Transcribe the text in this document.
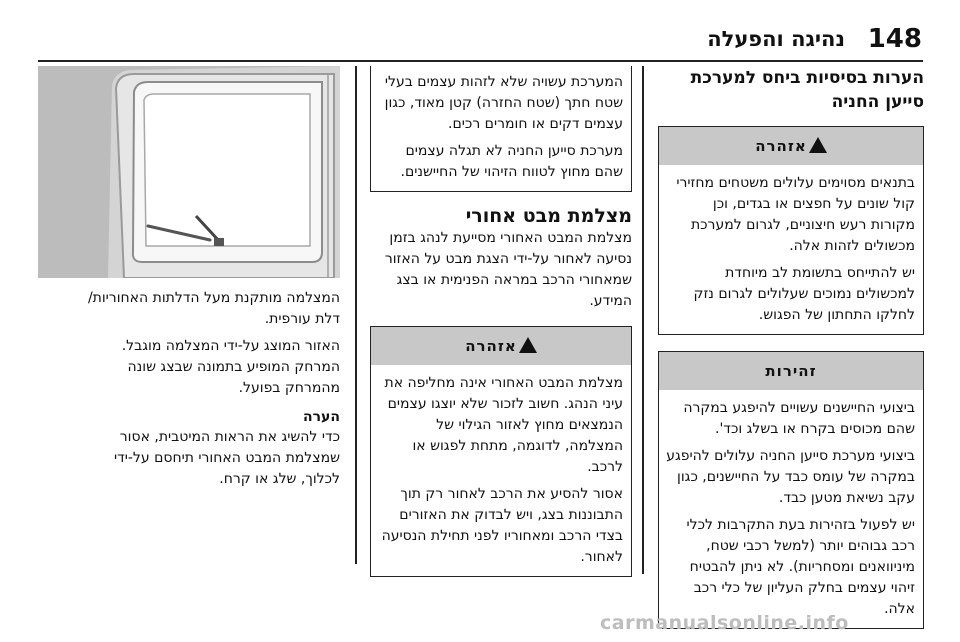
148
נהיגה והפעלה
הערות בסיסיות ביחס למערכת סייען החניה
!אזהרה

בתנאים מסוימים עלולים משטחים מחזירי קול שונים על חפצים או בגדים, וכן מקורות רעש חיצוניים, לגרום למערכת מכשולים לזהות אלה.

יש להתייחס בתשומת לב מיוחדת למכשולים נמוכים שעלולים לגרום נזק לחלקו התחתון של הפגוש.

זהירות

ביצועי החיישנים עשויים להיפגע במקרה שהם מכוסים בקרח או בשלג וכד'.

ביצועי מערכת סייען החניה עלולים להיפגע במקרה של עומס כבד על החיישנים, כגון עקב נשיאת מטען כבד.

יש לפעול בזהירות בעת התקרבות לכלי רכב גבוהים יותר (למשל רכבי שטח, מיניוואנים ומסחריות). לא ניתן להבטיח זיהוי עצמים בחלק העליון של כלי רכב אלה.

המערכת עשויה שלא לזהות עצמים בעלי שטח חתך (שטח החזרה) קטן מאוד, כגון עצמים דקים או חומרים רכים.

מערכת סייען החניה לא תגלה עצמים שהם מחוץ לטווח הזיהוי של החיישנים.

מצלמת מבט אחורי

מצלמת המבט האחורי מסייעת לנהג בזמן נסיעה לאחור על-ידי הצגת מבט על האזור שמאחורי הרכב במראה הפנימית או בצג המידע.

!אזהרה

מצלמת המבט האחורי אינה מחליפה את עיני הנהג. חשוב לזכור שלא יוצגו עצמים הנמצאים מחוץ לאזור הגילוי של המצלמה, לדוגמה, מתחת לפגוש או לרכב.

אסור להסיע את הרכב לאחור רק תוך התבוננות בצג, ויש לבדוק את האזורים בצדי הרכב ומאחוריו לפני תחילת הנסיעה לאחור.

המצלמה מותקנת מעל הדלתות האחוריות/ דלת עורפית.

האזור המוצג על-ידי המצלמה מוגבל. המרחק המופיע בתמונה שבצג שונה מהמרחק בפועל.

הערה

כדי להשיג את הראות המיטבית, אסור שמצלמת המבט האחורי תיחסם על-ידי לכלוך, שלג או קרח.

carmanualsonline.info
